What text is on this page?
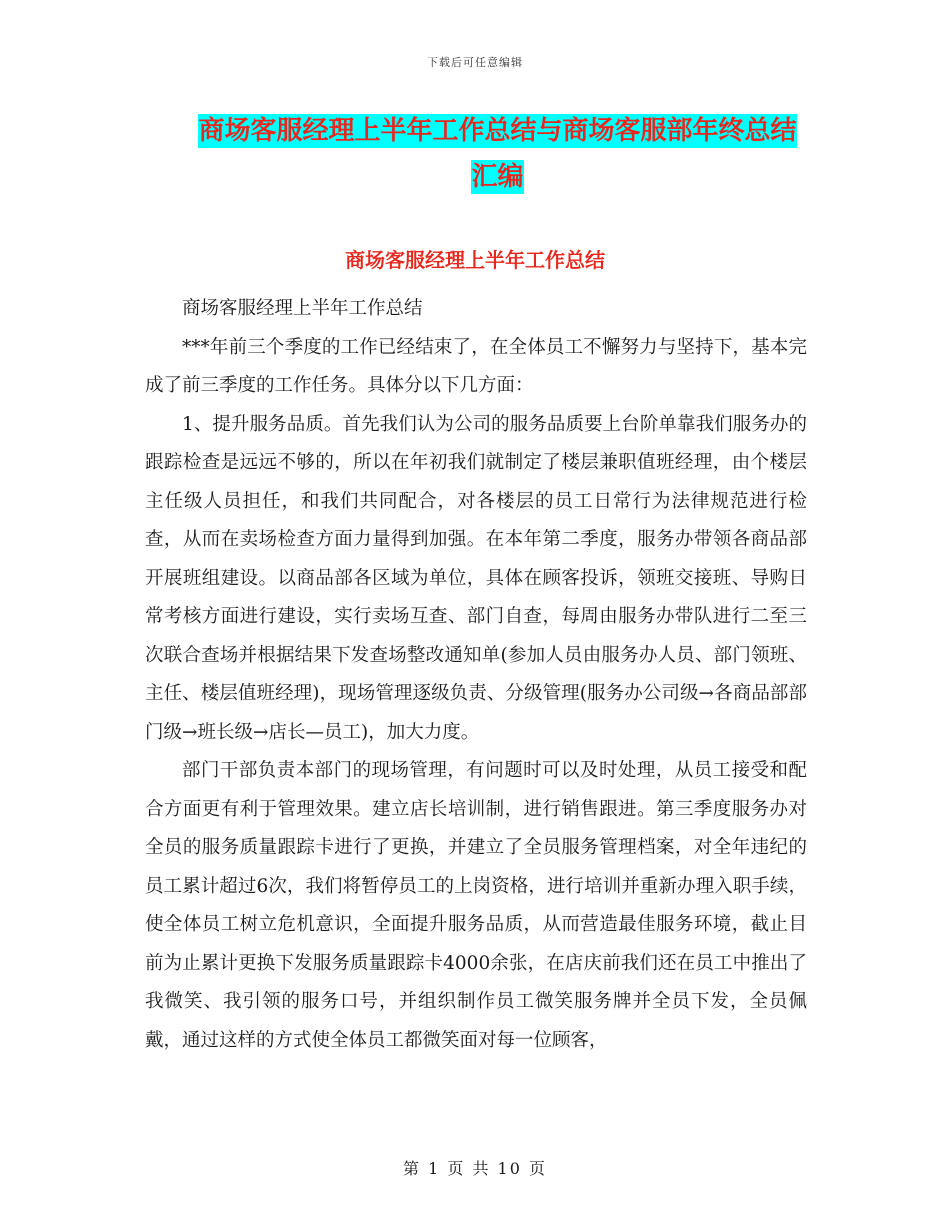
下载后可任意编辑
商场客服经理上半年工作总结与商场客服部年终总结
汇编
商场客服经理上半年工作总结

商场客服经理上半年工作总结

***年前三个季度的工作已经结束了，在全体员工不懈努力与坚持下，基本完成了前三季度的工作任务。具体分以下几方面：

1、提升服务品质。首先我们认为公司的服务品质要上台阶单靠我们服务办的跟踪检查是远远不够的，所以在年初我们就制定了楼层兼职值班经理，由个楼层主任级人员担任，和我们共同配合，对各楼层的员工日常行为法律规范进行检查，从而在卖场检查方面力量得到加强。在本年第二季度，服务办带领各商品部开展班组建设。以商品部各区域为单位，具体在顾客投诉，领班交接班、导购日常考核方面进行建设，实行卖场互查、部门自查，每周由服务办带队进行二至三次联合查场并根据结果下发查场整改通知单(参加人员由服务办人员、部门领班、主任、楼层值班经理)，现场管理逐级负责、分级管理(服务办公司级→各商品部部门级→班长级→店长—员工)，加大力度。

部门干部负责本部门的现场管理，有问题时可以及时处理，从员工接受和配合方面更有利于管理效果。建立店长培训制，进行销售跟进。第三季度服务办对全员的服务质量跟踪卡进行了更换，并建立了全员服务管理档案，对全年违纪的员工累计超过6次，我们将暂停员工的上岗资格，进行培训并重新办理入职手续，使全体员工树立危机意识，全面提升服务品质，从而营造最佳服务环境，截止目前为止累计更换下发服务质量跟踪卡4000余张，在店庆前我们还在员工中推出了我微笑、我引领的服务口号，并组织制作员工微笑服务牌并全员下发，全员佩戴，通过这样的方式使全体员工都微笑面对每一位顾客，

第 1 页 共 10 页
